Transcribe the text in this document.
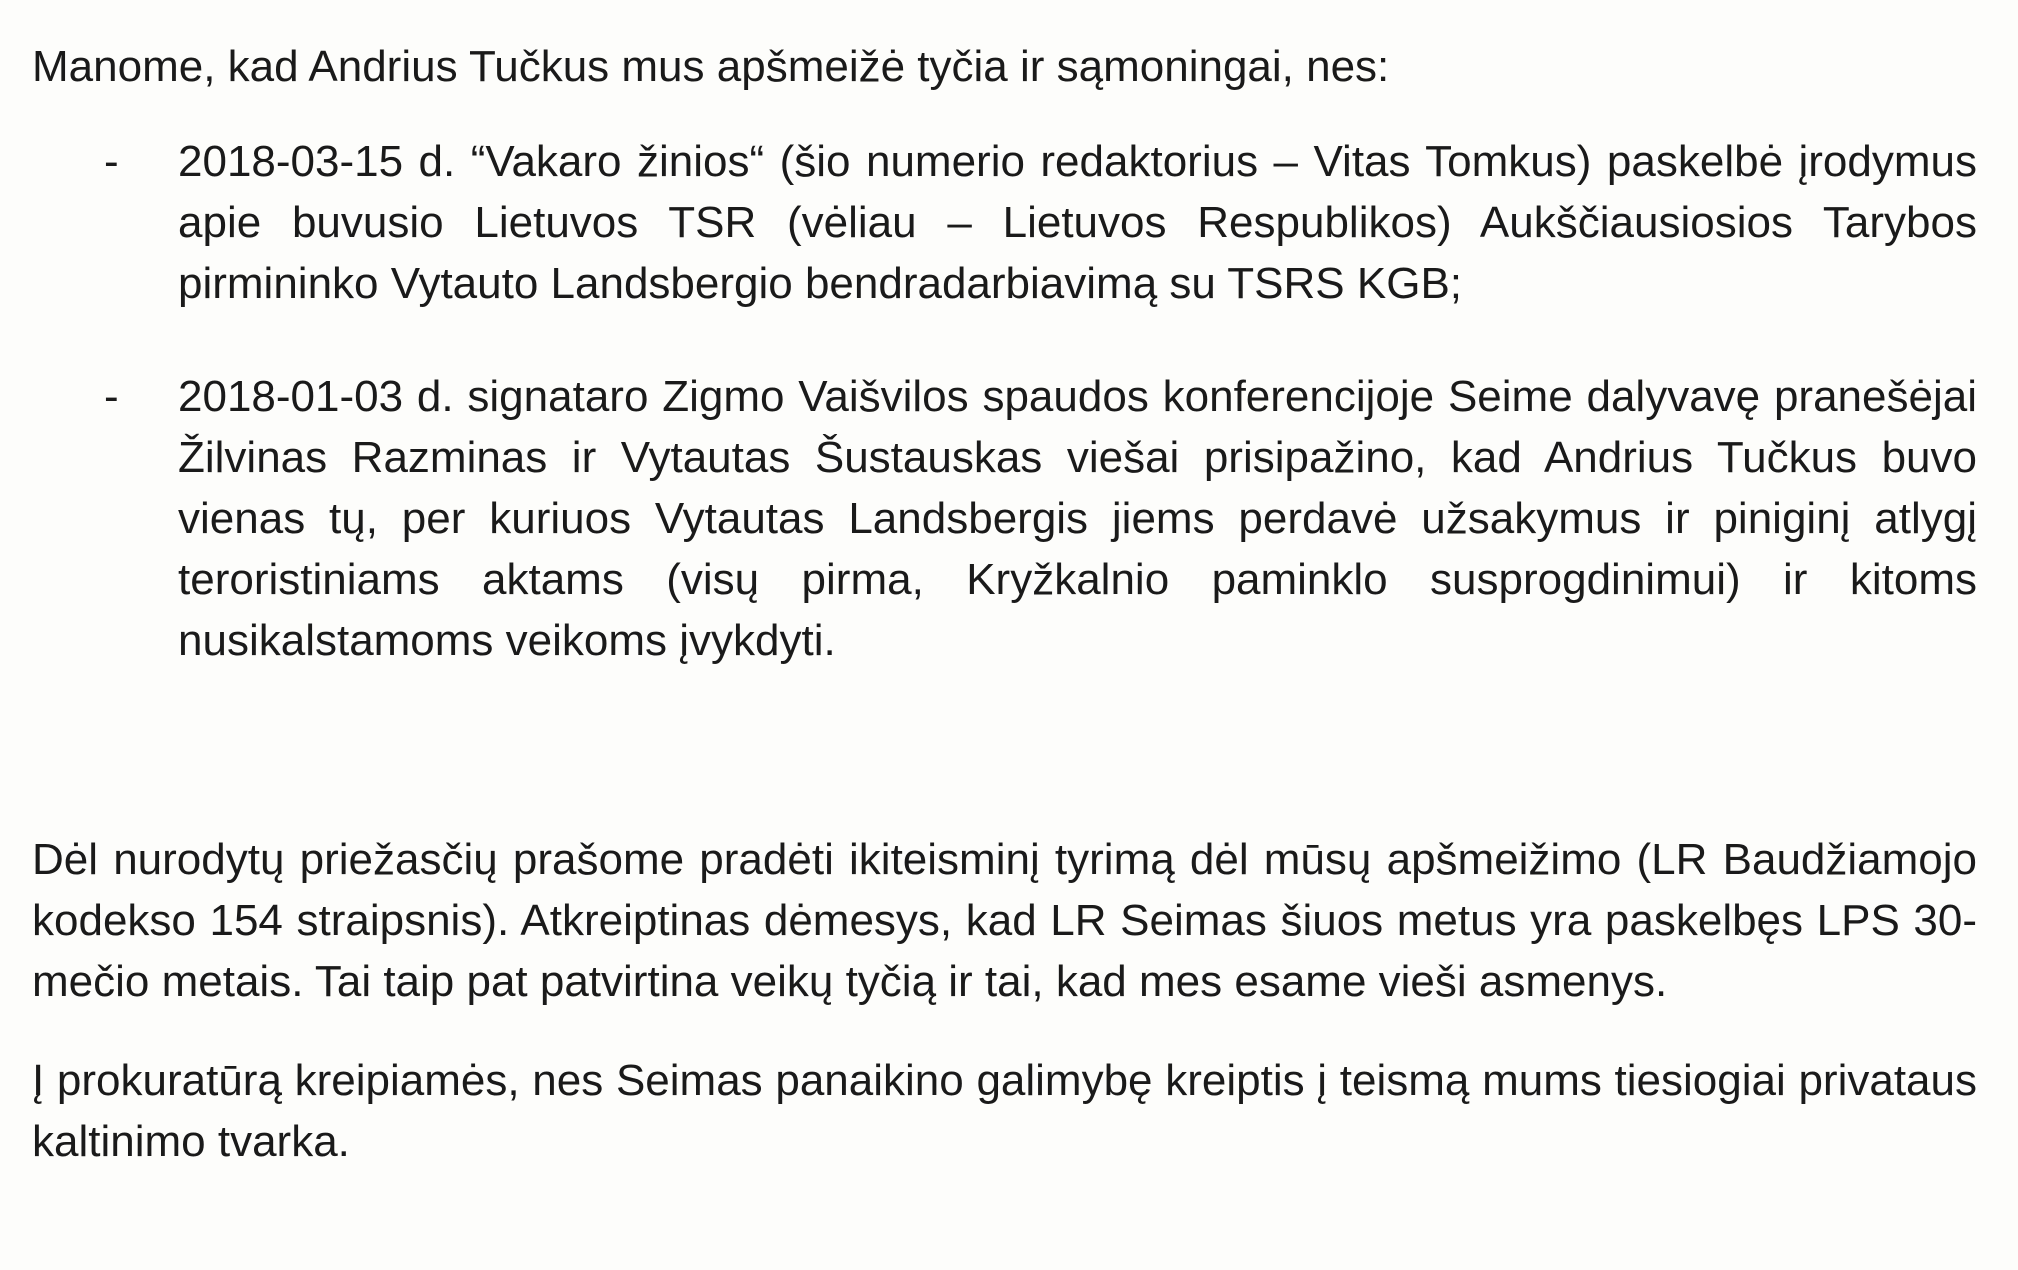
Manome, kad Andrius Tučkus mus apšmeižė tyčia ir sąmoningai, nes:

- 2018-03-15 d. “Vakaro žinios“ (šio numerio redaktorius – Vitas Tomkus) paskelbė įrodymus apie buvusio Lietuvos TSR (vėliau – Lietuvos Respublikos) Aukščiausiosios Tarybos pirmininko Vytauto Landsbergio bendradarbiavimą su TSRS KGB;
- 2018-01-03 d. signataro Zigmo Vaišvilos spaudos konferencijoje Seime dalyvavę pranešėjai Žilvinas Razminas ir Vytautas Šustauskas viešai prisipažino, kad Andrius Tučkus buvo vienas tų, per kuriuos Vytautas Landsbergis jiems perdavė užsakymus ir piniginį atlygį teroristiniams aktams (visų pirma, Kryžkalnio paminklo susprogdinimui) ir kitoms nusikalstamoms veikoms įvykdyti.

Dėl nurodytų priežasčių prašome pradėti ikiteisminį tyrimą dėl mūsų apšmeižimo (LR Baudžiamojo kodekso 154 straipsnis). Atkreiptinas dėmesys, kad LR Seimas šiuos metus yra paskelbęs LPS 30-mečio metais. Tai taip pat patvirtina veikų tyčią ir tai, kad mes esame vieši asmenys.

Į prokuratūrą kreipiamės, nes Seimas panaikino galimybę kreiptis į teismą mums tiesiogiai privataus kaltinimo tvarka.
